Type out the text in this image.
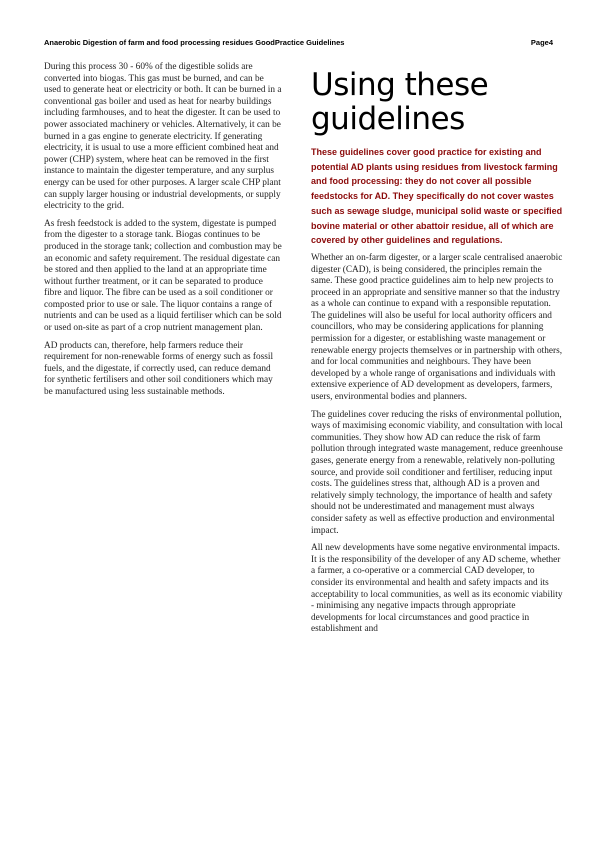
Anaerobic Digestion of farm and food processing residues GoodPractice Guidelines	Page4

During this process 30 - 60% of the digestible solids are converted into biogas. This gas must be burned, and can be used to generate heat or electricity or both. It can be burned in a conventional gas boiler and used as heat for nearby buildings including farmhouses, and to heat the digester. It can be used to power associated machinery or vehicles. Alternatively, it can be burned in a gas engine to generate electricity. If generating electricity, it is usual to use a more efficient combined heat and power (CHP) system, where heat can be removed in the first instance to maintain the digester temperature, and any surplus energy can be used for other purposes. A larger scale CHP plant can supply larger housing or industrial developments, or supply electricity to the grid.

As fresh feedstock is added to the system, digestate is pumped from the digester to a storage tank. Biogas continues to be produced in the storage tank; collection and combustion may be an economic and safety requirement. The residual digestate can be stored and then applied to the land at an appropriate time without further treatment, or it can be separated to produce fibre and liquor. The fibre can be used as a soil conditioner or composted prior to use or sale. The liquor contains a range of nutrients and can be used as a liquid fertiliser which can be sold or used on-site as part of a crop nutrient management plan.

AD products can, therefore, help farmers reduce their requirement for non-renewable forms of energy such as fossil fuels, and the digestate, if correctly used, can reduce demand for synthetic fertilisers and other soil conditioners which may be manufactured using less sustainable methods.

Using these guidelines

These guidelines cover good practice for existing and potential AD plants using residues from livestock farming and food processing: they do not cover all possible feedstocks for AD. They specifically do not cover wastes such as sewage sludge, municipal solid waste or specified bovine material or other abattoir residue, all of which are covered by other guidelines and regulations.

Whether an on-farm digester, or a larger scale centralised anaerobic digester (CAD), is being considered, the principles remain the same. These good practice guidelines aim to help new projects to proceed in an appropriate and sensitive manner so that the industry as a whole can continue to expand with a responsible reputation. The guidelines will also be useful for local authority officers and councillors, who may be considering applications for planning permission for a digester, or establishing waste management or renewable energy projects themselves or in partnership with others, and for local communities and neighbours. They have been developed by a whole range of organisations and individuals with extensive experience of AD development as developers, farmers, users, environmental bodies and planners.

The guidelines cover reducing the risks of environmental pollution, ways of maximising economic viability, and consultation with local communities. They show how AD can reduce the risk of farm pollution through integrated waste management, reduce greenhouse gases, generate energy from a renewable, relatively non-polluting source, and provide soil conditioner and fertiliser, reducing input costs. The guidelines stress that, although AD is a proven and relatively simply technology, the importance of health and safety should not be underestimated and management must always consider safety as well as effective production and environmental impact.

All new developments have some negative environmental impacts. It is the responsibility of the developer of any AD scheme, whether a farmer, a co-operative or a commercial CAD developer, to consider its environmental and health and safety impacts and its acceptability to local communities, as well as its economic viability - minimising any negative impacts through appropriate developments for local circumstances and good practice in establishment and
